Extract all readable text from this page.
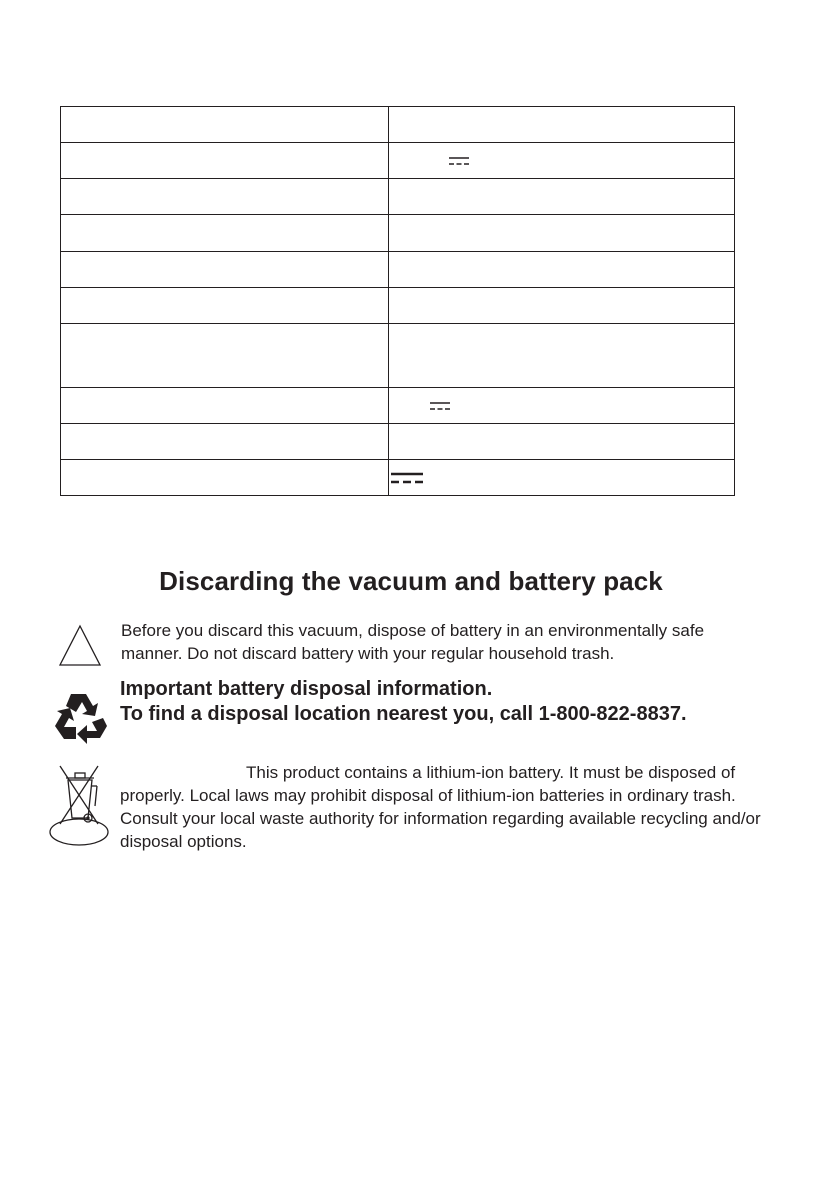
Discarding the vacuum and battery pack

Before you discard this vacuum, dispose of battery in an environmentally safe manner. Do not discard battery with your regular household trash.

Important battery disposal information.

To find a disposal location nearest you, call 1-800-822-8837.

This product contains a lithium-ion battery. It must be disposed of properly. Local laws may prohibit disposal of lithium-ion batteries in ordinary trash. Consult your local waste authority for information regarding available recycling and/or disposal options.
